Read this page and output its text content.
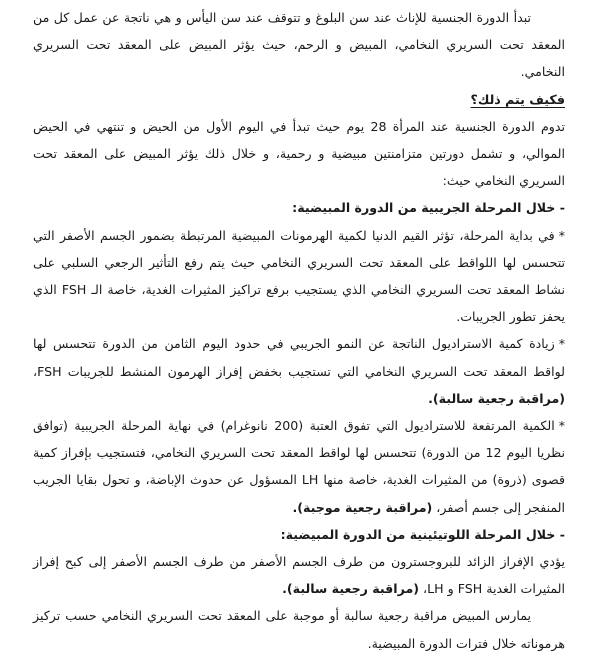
تبدأ الدورة الجنسية للإناث عند سن البلوغ و تتوقف عند سن اليأس و هي ناتجة عن عمل كل من المعقد تحت السريري النخامي، المبيض و الرحم، حيث يؤثر المبيض على المعقد تحت السريري النخامي.

فكيف يتم ذلك؟

تدوم الدورة الجنسية عند المرأة 28 يوم حيث تبدأ في اليوم الأول من الحيض و تنتهي في الحيض الموالي، و تشمل دورتين متزامنتين مبيضية و رحمية، و خلال ذلك يؤثر المبيض على المعقد تحت السريري النخامي حيث:

- خلال المرحلة الجريبية من الدورة المبيضية:

*في بداية المرحلة، تؤثر القيم الدنيا لكمية الهرمونات المبيضية المرتبطة بضمور الجسم الأصفر التي تتحسس لها اللواقط على المعقد تحت السريري النخامي حيث يتم رفع التأثير الرجعي السلبي على نشاط المعقد تحت السريري النخامي الذي يستجيب برفع تراكيز المثيرات الغدية، خاصة الـ FSH الذي يحفز تطور الجريبات.

*زيادة كمية الاستراديول الناتجة عن النمو الجريبي في حدود اليوم الثامن من الدورة تتحسس لها لواقط المعقد تحت السريري النخامي التي تستجيب بخفض إفراز الهرمون المنشط للجريبات FSH، (مراقبة رجعية سالبة).

*الكمية المرتفعة للاستراديول التي تفوق العتبة (200 نانوغرام) في نهاية المرحلة الجريبية (توافق نظريا اليوم 12 من الدورة) تتحسس لها لواقط المعقد تحت السريري النخامي، فتستجيب بإفراز كمية قصوى (ذروة) من المثيرات الغدية، خاصة منها LH المسؤول عن حدوث الإباضة، و تحول بقايا الجريب المنفجر إلى جسم أصفر، (مراقبة رجعية موجبة).

- خلال المرحلة اللوتيئينية من الدورة المبيضية:

يؤدي الإفراز الزائد للبروجسترون من طرف الجسم الأصفر من طرف الجسم الأصفر إلى كبح إفراز المثيرات الغدية FSH و LH، (مراقبة رجعية سالبة).

يمارس المبيض مراقبة رجعية سالبة أو موجبة على المعقد تحت السريري النخامي حسب تركيز هرموناته خلال فترات الدورة المبيضية.
